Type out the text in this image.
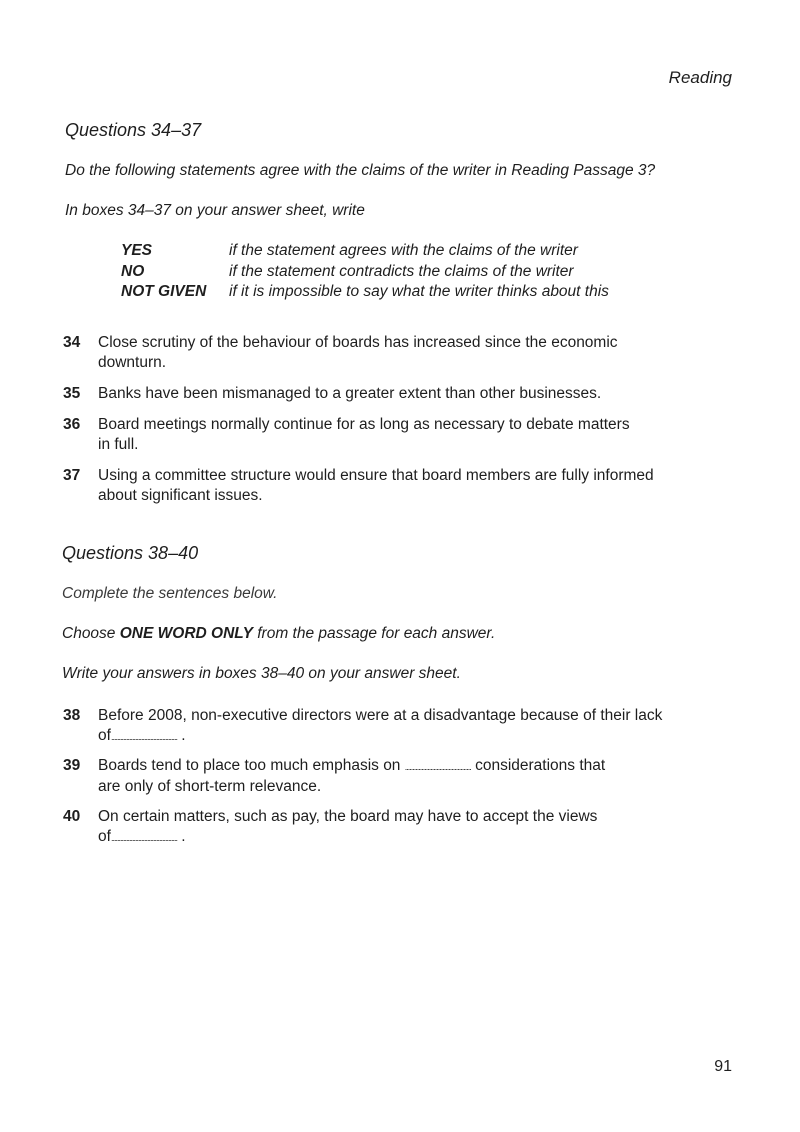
Reading
Questions 34–37
Do the following statements agree with the claims of the writer in Reading Passage 3?
In boxes 34–37 on your answer sheet, write
YES	if the statement agrees with the claims of the writer
NO	if the statement contradicts the claims of the writer
NOT GIVEN	if it is impossible to say what the writer thinks about this
34	Close scrutiny of the behaviour of boards has increased since the economic
downturn.
35	Banks have been mismanaged to a greater extent than other businesses.
36	Board meetings normally continue for as long as necessary to debate matters
in full.
37	Using a committee structure would ensure that board members are fully informed
about significant issues.
Questions 38–40
Complete the sentences below.
Choose ONE WORD ONLY from the passage for each answer.
Write your answers in boxes 38–40 on your answer sheet.
38	Before 2008, non-executive directors were at a disadvantage because of their lack
of............................................ .
39	Boards tend to place too much emphasis on ............................................ considerations that
are only of short-term relevance.
40	On certain matters, such as pay, the board may have to accept the views
of............................................ .
91
